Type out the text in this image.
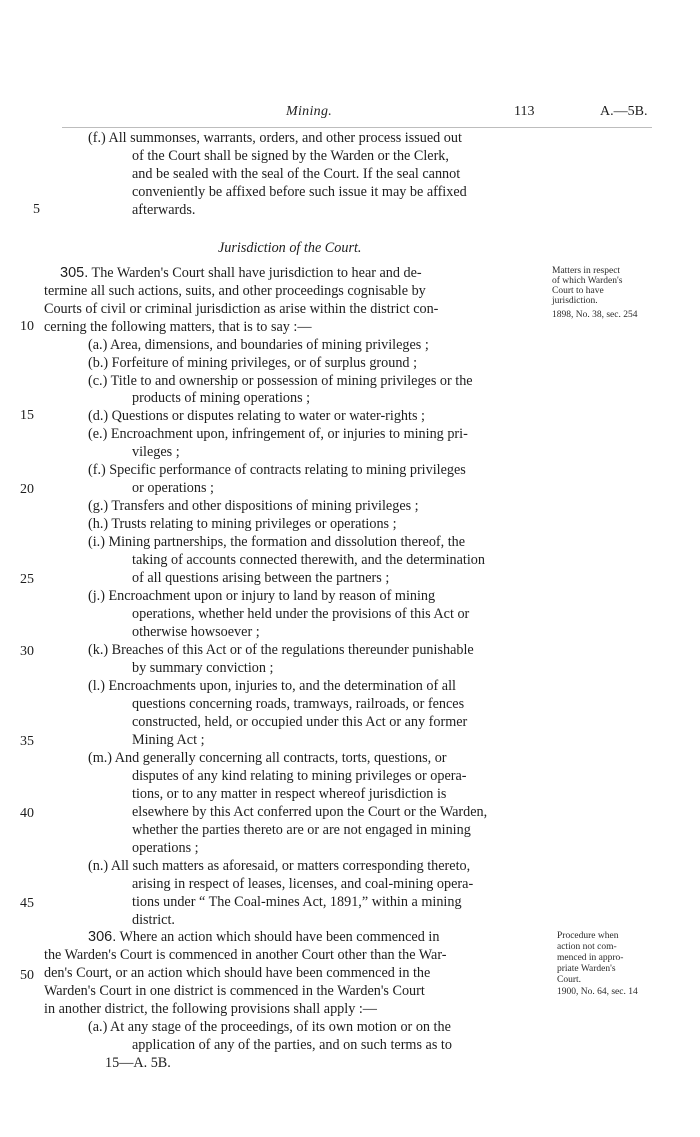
Mining.	113	A.—5B.
5
10
15
20
25
30
35
40
45
50
(f.) All summonses, warrants, orders, and other process issued out
of the Court shall be signed by the Warden or the Clerk,
and be sealed with the seal of the Court. If the seal cannot
conveniently be affixed before such issue it may be affixed
afterwards.
Jurisdiction of the Court.
305. The Warden's Court shall have jurisdiction to hear and de-
termine all such actions, suits, and other proceedings cognisable by
Courts of civil or criminal jurisdiction as arise within the district con-
cerning the following matters, that is to say :—
(a.) Area, dimensions, and boundaries of mining privileges ;
(b.) Forfeiture of mining privileges, or of surplus ground ;
(c.) Title to and ownership or possession of mining privileges or the
products of mining operations ;
(d.) Questions or disputes relating to water or water-rights ;
(e.) Encroachment upon, infringement of, or injuries to mining pri-
vileges ;
(f.) Specific performance of contracts relating to mining privileges
or operations ;
(g.) Transfers and other dispositions of mining privileges ;
(h.) Trusts relating to mining privileges or operations ;
(i.) Mining partnerships, the formation and dissolution thereof, the
taking of accounts connected therewith, and the determination
of all questions arising between the partners ;
(j.) Encroachment upon or injury to land by reason of mining
operations, whether held under the provisions of this Act or
otherwise howsoever ;
(k.) Breaches of this Act or of the regulations thereunder punishable
by summary conviction ;
(l.) Encroachments upon, injuries to, and the determination of all
questions concerning roads, tramways, railroads, or fences
constructed, held, or occupied under this Act or any former
Mining Act ;
(m.) And generally concerning all contracts, torts, questions, or
disputes of any kind relating to mining privileges or opera-
tions, or to any matter in respect whereof jurisdiction is
elsewhere by this Act conferred upon the Court or the Warden,
whether the parties thereto are or are not engaged in mining
operations ;
(n.) All such matters as aforesaid, or matters corresponding thereto,
arising in respect of leases, licenses, and coal-mining opera-
tions under “ The Coal-mines Act, 1891,” within a mining
district.
306. Where an action which should have been commenced in
the Warden's Court is commenced in another Court other than the War-
den's Court, or an action which should have been commenced in the
Warden's Court in one district is commenced in the Warden's Court
in another district, the following provisions shall apply :—
(a.) At any stage of the proceedings, of its own motion or on the
application of any of the parties, and on such terms as to
15—A. 5B.
Matters in respect
of which Warden's
Court to have
jurisdiction.
1898, No. 38, sec. 254
Procedure when
action not com-
menced in appro-
priate Warden's
Court.
1900, No. 64, sec. 14
